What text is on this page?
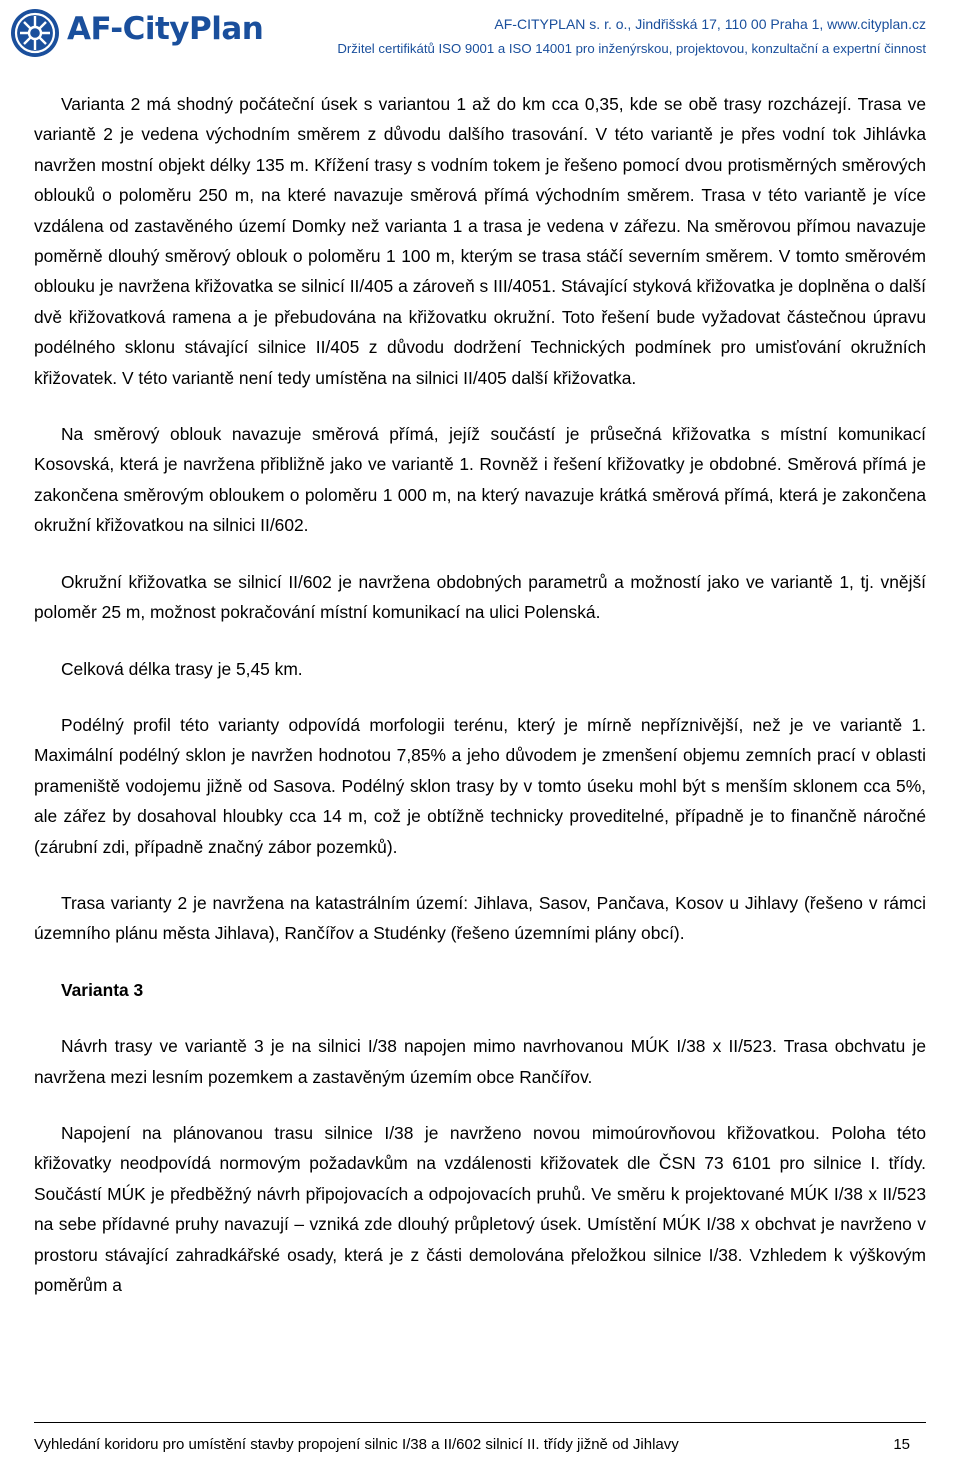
AF-CityPlan	AF-CITYPLAN s. r. o., Jindřišská 17, 110 00 Praha 1, www.cityplan.cz
Držitel certifikátů ISO 9001 a ISO 14001 pro inženýrskou, projektovou, konzultační a expertní činnost

Varianta 2 má shodný počáteční úsek s variantou 1 až do km cca 0,35, kde se obě trasy rozcházejí. Trasa ve variantě 2 je vedena východním směrem z důvodu dalšího trasování. V této variantě je přes vodní tok Jihlávka navržen mostní objekt délky 135 m. Křížení trasy s vodním tokem je řešeno pomocí dvou protisměrných směrových oblouků o poloměru 250 m, na které navazuje směrová přímá východním směrem. Trasa v této variantě je více vzdálena od zastavěného území Domky než varianta 1 a trasa je vedena v zářezu. Na směrovou přímou navazuje poměrně dlouhý směrový oblouk o poloměru 1 100 m, kterým se trasa stáčí severním směrem. V tomto směrovém oblouku je navržena křižovatka se silnicí II/405 a zároveň s III/4051. Stávající styková křižovatka je doplněna o další dvě křižovatková ramena a je přebudována na křižovatku okružní. Toto řešení bude vyžadovat částečnou úpravu podélného sklonu stávající silnice II/405 z důvodu dodržení Technických podmínek pro umisťování okružních křižovatek. V této variantě není tedy umístěna na silnici II/405 další křižovatka.

Na směrový oblouk navazuje směrová přímá, jejíž součástí je průsečná křižovatka s místní komunikací Kosovská, která je navržena přibližně jako ve variantě 1. Rovněž i řešení křižovatky je obdobné. Směrová přímá je zakončena směrovým obloukem o poloměru 1 000 m, na který navazuje krátká směrová přímá, která je zakončena okružní křižovatkou na silnici II/602.

Okružní křižovatka se silnicí II/602 je navržena obdobných parametrů a možností jako ve variantě 1, tj. vnější poloměr 25 m, možnost pokračování místní komunikací na ulici Polenská.

Celková délka trasy je 5,45 km.

Podélný profil této varianty odpovídá morfologii terénu, který je mírně nepříznivější, než je ve variantě 1. Maximální podélný sklon je navržen hodnotou 7,85% a jeho důvodem je zmenšení objemu zemních prací v oblasti prameniště vodojemu jižně od Sasova. Podélný sklon trasy by v tomto úseku mohl být s menším sklonem cca 5%, ale zářez by dosahoval hloubky cca 14 m, což je obtížně technicky proveditelné, případně je to finančně náročné (zárubní zdi, případně značný zábor pozemků).

Trasa varianty 2 je navržena na katastrálním území: Jihlava, Sasov, Pančava, Kosov u Jihlavy (řešeno v rámci územního plánu města Jihlava), Rančířov a Studénky (řešeno územními plány obcí).

Varianta 3

Návrh trasy ve variantě 3 je na silnici I/38 napojen mimo navrhovanou MÚK I/38 x II/523. Trasa obchvatu je navržena mezi lesním pozemkem a zastavěným územím obce Rančířov.

Napojení na plánovanou trasu silnice I/38 je navrženo novou mimoúrovňovou křižovatkou. Poloha této křižovatky neodpovídá normovým požadavkům na vzdálenosti křižovatek dle ČSN 73 6101 pro silnice I. třídy. Součástí MÚK je předběžný návrh připojovacích a odpojovacích pruhů. Ve směru k projektované MÚK I/38 x II/523 na sebe přídavné pruhy navazují – vzniká zde dlouhý průpletový úsek. Umístění MÚK I/38 x obchvat je navrženo v prostoru stávající zahradkářské osady, která je z části demolována přeložkou silnice I/38. Vzhledem k výškovým poměrům a

Vyhledání koridoru pro umístění stavby propojení silnic I/38 a II/602 silnicí II. třídy jižně od Jihlavy	15
